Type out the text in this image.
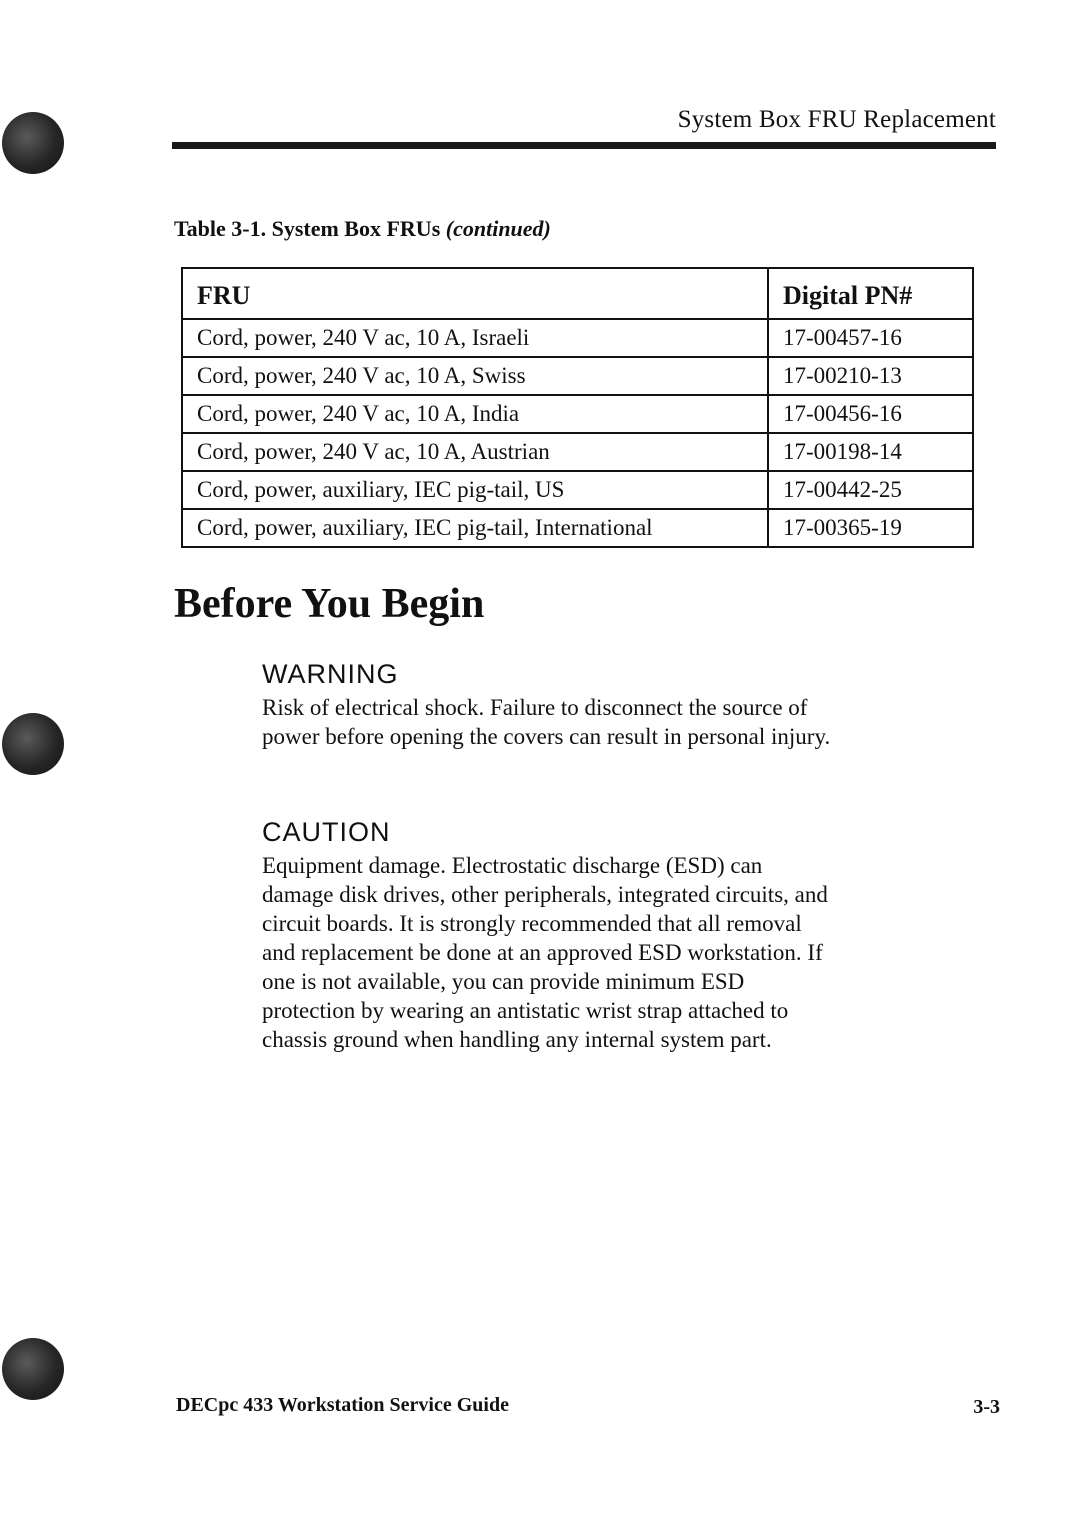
System Box FRU Replacement
Table 3-1. System Box FRUs (continued)
FRU	Digital PN#
Cord, power, 240 V ac, 10 A, Israeli	17-00457-16
Cord, power, 240 V ac, 10 A, Swiss	17-00210-13
Cord, power, 240 V ac, 10 A, India	17-00456-16
Cord, power, 240 V ac, 10 A, Austrian	17-00198-14
Cord, power, auxiliary, IEC pig-tail, US	17-00442-25
Cord, power, auxiliary, IEC pig-tail, International	17-00365-19
Before You Begin
WARNING

Risk of electrical shock. Failure to disconnect the source of power before opening the covers can result in personal injury.

CAUTION

Equipment damage. Electrostatic discharge (ESD) can damage disk drives, other peripherals, integrated circuits, and circuit boards. It is strongly recommended that all removal and replacement be done at an approved ESD workstation. If one is not available, you can provide minimum ESD protection by wearing an antistatic wrist strap attached to chassis ground when handling any internal system part.

DECpc 433 Workstation Service Guide	3-3
